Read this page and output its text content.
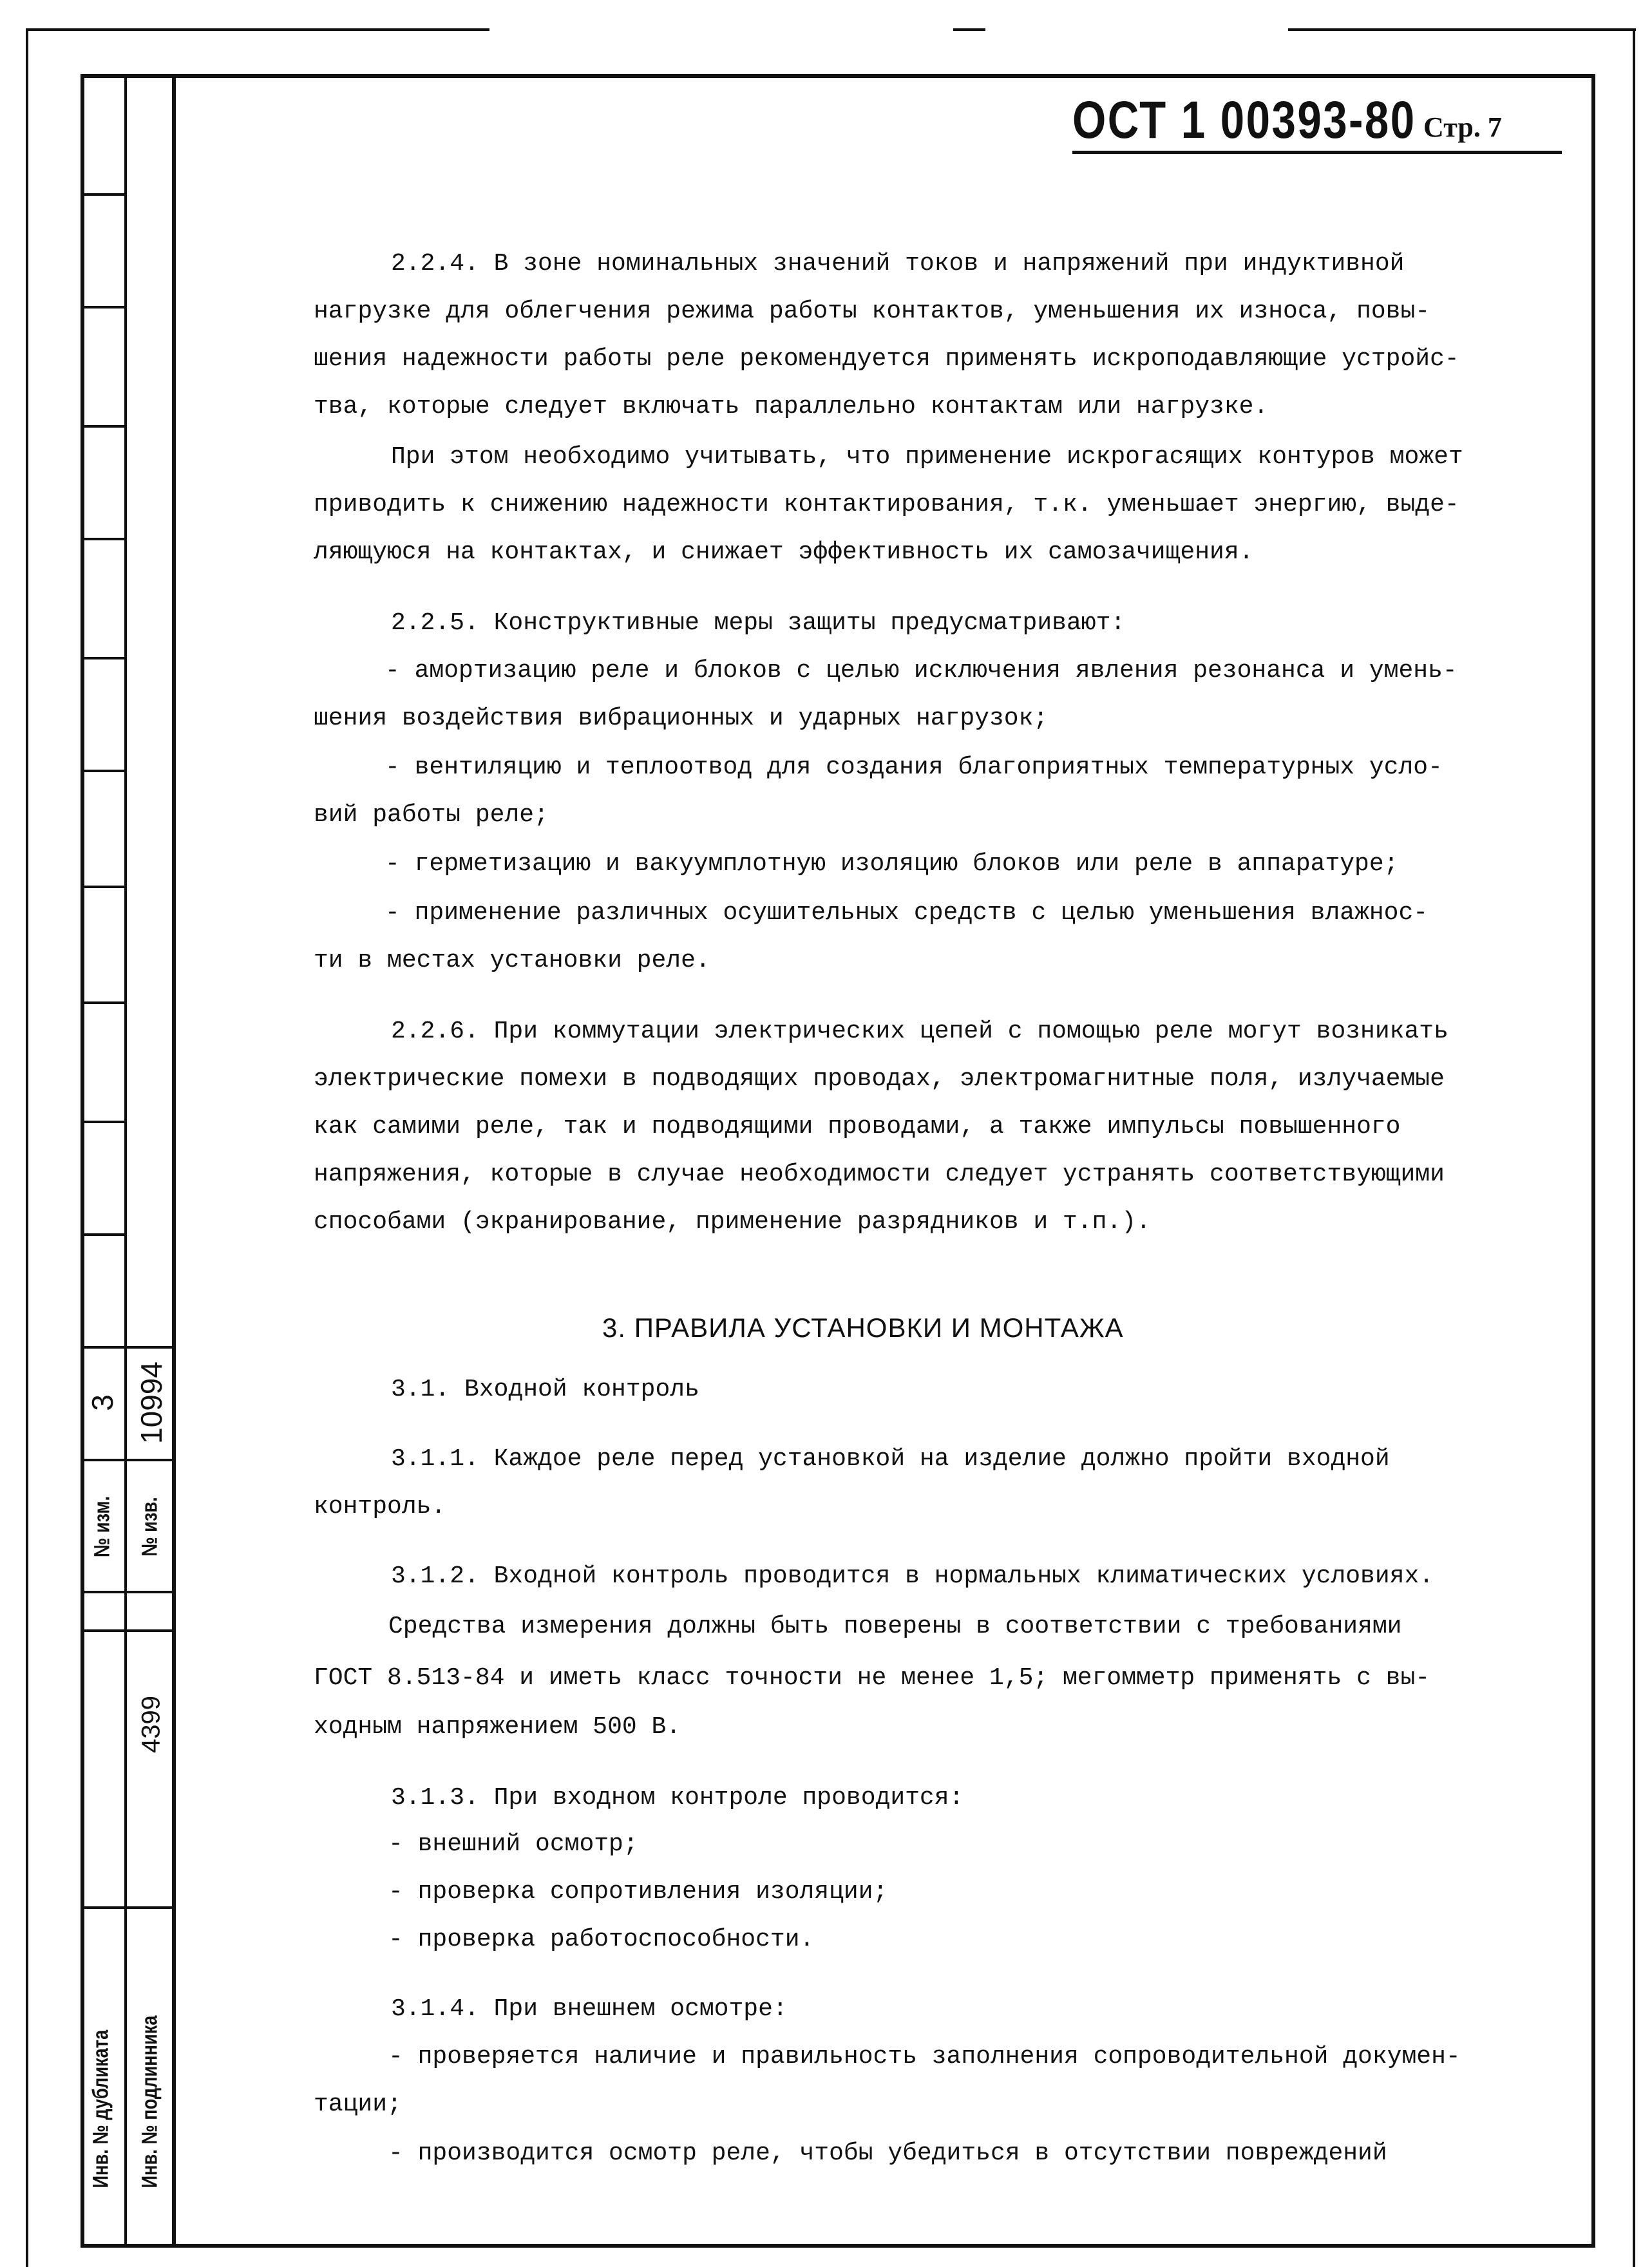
№ изм. № изв.
3 10994
4399
Инв. № дубликата Инв. № подлинника
ОСТ 1 00393-80 Стр. 7
2.2.4. В зоне номинальных значений токов и напряжений при индуктивной
нагрузке для облегчения режима работы контактов, уменьшения их износа, повы-
шения надежности работы реле рекомендуется применять искроподавляющие устройс-
тва, которые следует включать параллельно контактам или нагрузке.
При этом необходимо учитывать, что применение искрогасящих контуров может
приводить к снижению надежности контактирования, т.к. уменьшает энергию, выде-
ляющуюся на контактах, и снижает эффективность их самозачищения.
2.2.5. Конструктивные меры защиты предусматривают:
- амортизацию реле и блоков с целью исключения явления резонанса и умень-
шения воздействия вибрационных и ударных нагрузок;
- вентиляцию и теплоотвод для создания благоприятных температурных усло-
вий работы реле;
- герметизацию и вакуумплотную изоляцию блоков или реле в аппаратуре;
- применение различных осушительных средств с целью уменьшения влажнос-
ти в местах установки реле.
2.2.6. При коммутации электрических цепей с помощью реле могут возникать
электрические помехи в подводящих проводах, электромагнитные поля, излучаемые
как самими реле, так и подводящими проводами, а также импульсы повышенного
напряжения, которые в случае необходимости следует устранять соответствующими
способами (экранирование, применение разрядников и т.п.).
3. ПРАВИЛА УСТАНОВКИ И МОНТАЖА
3.1. Входной контроль
3.1.1. Каждое реле перед установкой на изделие должно пройти входной
контроль.
3.1.2. Входной контроль проводится в нормальных климатических условиях.
Средства измерения должны быть поверены в соответствии с требованиями
ГОСТ 8.513-84 и иметь класс точности не менее 1,5; мегомметр применять с вы-
ходным напряжением 500 В.
3.1.3. При входном контроле проводится:
- внешний осмотр;
- проверка сопротивления изоляции;
- проверка работоспособности.
3.1.4. При внешнем осмотре:
- проверяется наличие и правильность заполнения сопроводительной докумен-
тации;
- производится осмотр реле, чтобы убедиться в отсутствии повреждений
